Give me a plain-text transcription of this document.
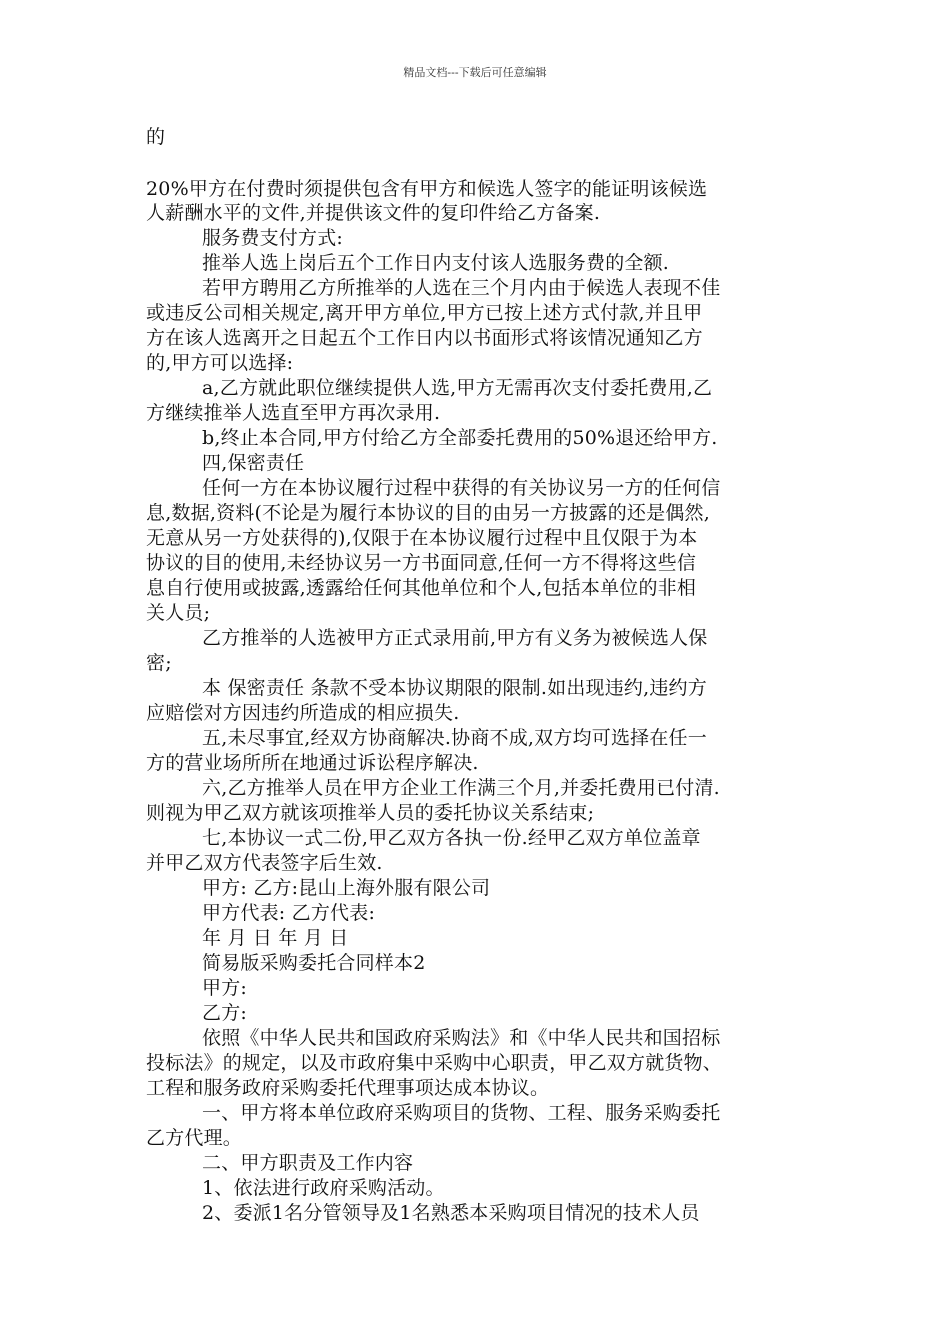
精品文档---下载后可任意编辑
的
20%甲方在付费时须提供包含有甲方和候选人签字的能证明该候选
人薪酬水平的文件,并提供该文件的复印件给乙方备案.
服务费支付方式:
推举人选上岗后五个工作日内支付该人选服务费的全额.
若甲方聘用乙方所推举的人选在三个月内由于候选人表现不佳
或违反公司相关规定,离开甲方单位,甲方已按上述方式付款,并且甲
方在该人选离开之日起五个工作日内以书面形式将该情况通知乙方
的,甲方可以选择:
a,乙方就此职位继续提供人选,甲方无需再次支付委托费用,乙
方继续推举人选直至甲方再次录用.
b,终止本合同,甲方付给乙方全部委托费用的50%退还给甲方.
四,保密责任
任何一方在本协议履行过程中获得的有关协议另一方的任何信
息,数据,资料(不论是为履行本协议的目的由另一方披露的还是偶然,
无意从另一方处获得的),仅限于在本协议履行过程中且仅限于为本
协议的目的使用,未经协议另一方书面同意,任何一方不得将这些信
息自行使用或披露,透露给任何其他单位和个人,包括本单位的非相
关人员;
乙方推举的人选被甲方正式录用前,甲方有义务为被候选人保
密;
本 保密责任 条款不受本协议期限的限制.如出现违约,违约方
应赔偿对方因违约所造成的相应损失.
五,未尽事宜,经双方协商解决.协商不成,双方均可选择在任一
方的营业场所所在地通过诉讼程序解决.
六,乙方推举人员在甲方企业工作满三个月,并委托费用已付清.
则视为甲乙双方就该项推举人员的委托协议关系结束;
七,本协议一式二份,甲乙双方各执一份.经甲乙双方单位盖章
并甲乙双方代表签字后生效.
甲方: 乙方:昆山上海外服有限公司
甲方代表: 乙方代表:
年 月 日 年 月 日
简易版采购委托合同样本2
甲方:
乙方:
依照《中华人民共和国政府采购法》和《中华人民共和国招标
投标法》的规定，以及市政府集中采购中心职责，甲乙双方就货物、
工程和服务政府采购委托代理事项达成本协议。
一、甲方将本单位政府采购项目的货物、工程、服务采购委托
乙方代理。
二、甲方职责及工作内容
1、依法进行政府采购活动。
2、委派1名分管领导及1名熟悉本采购项目情况的技术人员
